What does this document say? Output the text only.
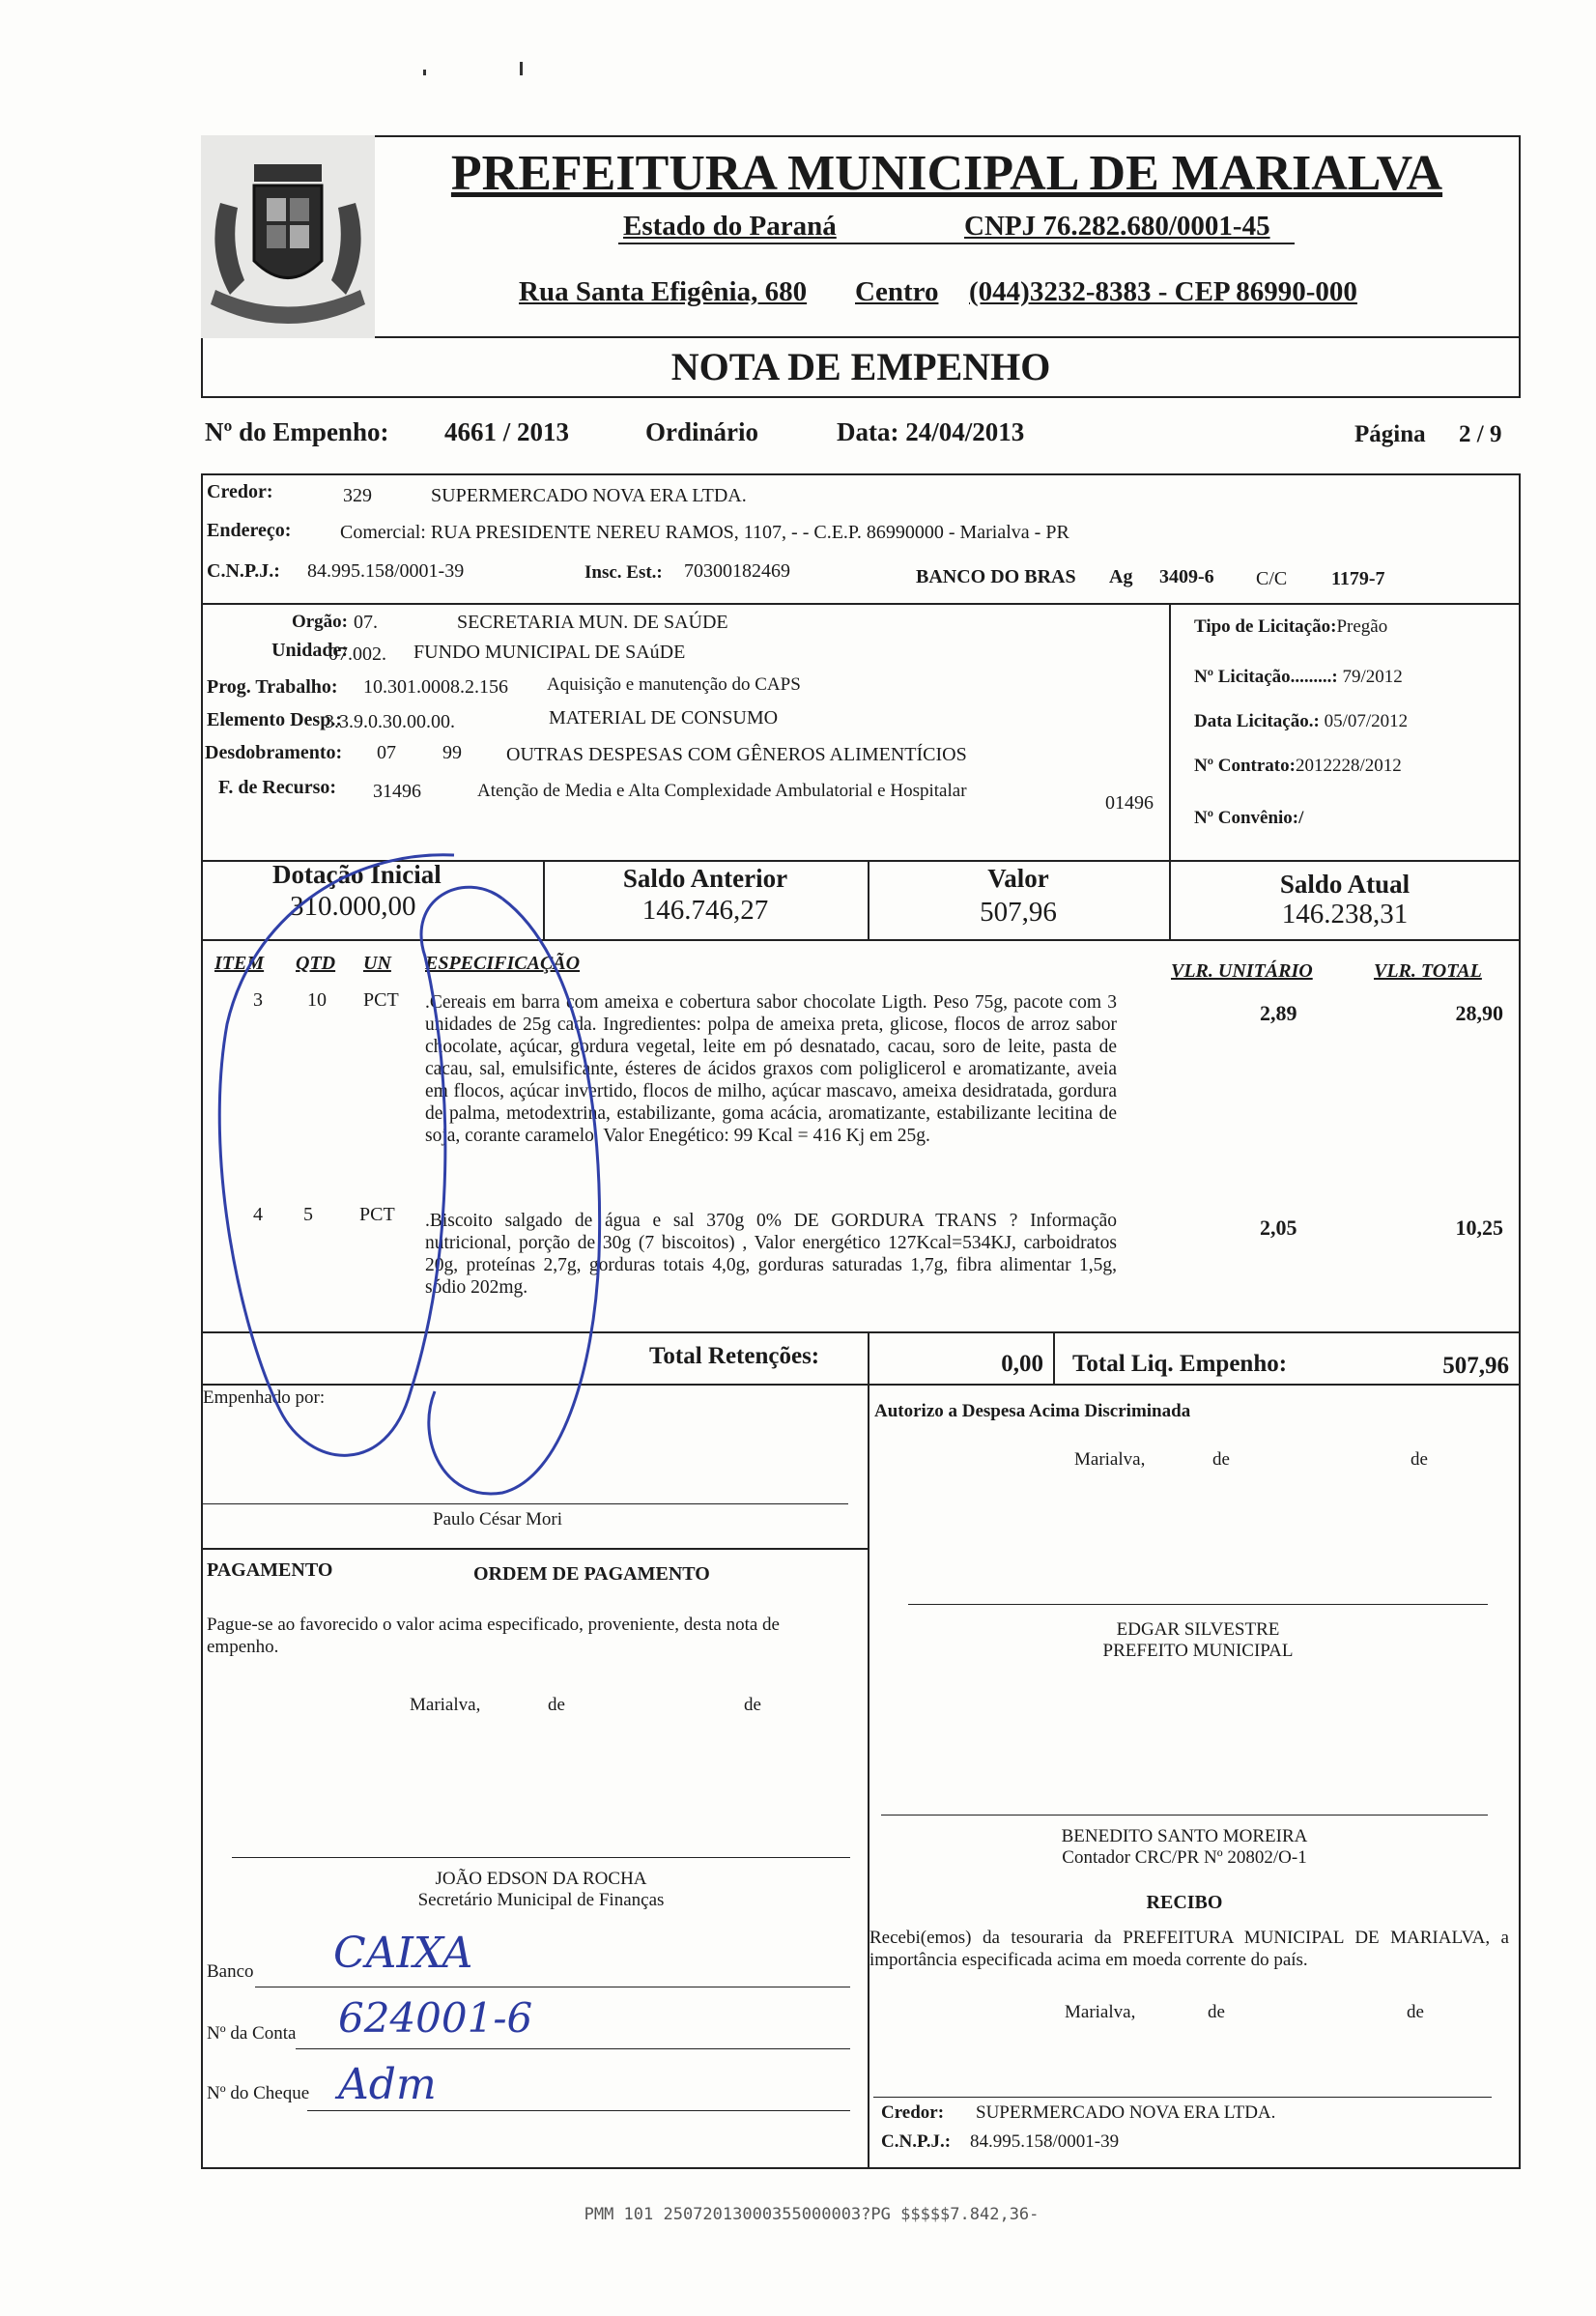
PREFEITURA MUNICIPAL DE MARIALVA
Estado do Paraná	CNPJ 76.282.680/0001-45
Rua Santa Efigênia, 680 Centro (044)3232-8383 - CEP 86990-000
NOTA DE EMPENHO
Nº do Empenho: 4661 / 2013	Ordinário	Data: 24/04/2013	Página 2 / 9
Credor:	329	SUPERMERCADO NOVA ERA LTDA.
Endereço:	Comercial: RUA PRESIDENTE NEREU RAMOS, 1107, - - C.E.P. 86990000 - Marialva - PR
C.N.P.J.: 84.995.158/0001-39	Insc. Est.: 70300182469	BANCO DO BRAS Ag 3409-6 C/C 1179-7
Orgão: 07.	SECRETARIA MUN. DE SAÚDE
Unidade:
07.002. FUNDO MUNICIPAL DE SAúDE
Prog. Trabalho: 10.301.0008.2.156 Aquisição e manutenção do CAPS
Elemento Desp.:
3.3.9.0.30.00.00.	MATERIAL DE CONSUMO
Desdobramento: 07 99 OUTRAS DESPESAS COM GÊNEROS ALIMENTÍCIOS
F. de Recurso: 31496	Atenção de Media e Alta Complexidade Ambulatorial e Hospitalar
01496
Tipo de Licitação:Pregão
Nº Licitação.........: 79/2012
Data Licitação.: 05/07/2012
Nº Contrato:2012228/2012
Nº Convênio:/
Dotação Inicial
310.000,00
Saldo Anterior
146.746,27
Valor
507,96
Saldo Atual
146.238,31
ITEM QTD UN ESPECIFICAÇÃO	VLR. UNITÁRIO	VLR. TOTAL
3 10 PCT .Cereais em barra com ameixa e cobertura sabor chocolate Ligth. Peso 75g, pacote com 3 unidades de 25g cada. Ingredientes: polpa de ameixa preta, glicose, flocos de arroz sabor chocolate, açúcar, gordura vegetal, leite em pó desnatado, cacau, soro de leite, pasta de cacau, sal, emulsificante, ésteres de ácidos graxos com poliglicerol e aromatizante, aveia em flocos, açúcar invertido, flocos de milho, açúcar mascavo, ameixa desidratada, gordura de palma, metodextrina, estabilizante, goma acácia, aromatizante, estabilizante lecitina de soja, corante caramelo. Valor Enegético: 99 Kcal = 416 Kj em 25g.
2,89	28,90
4 5 PCT .Biscoito salgado de água e sal 370g 0% DE GORDURA TRANS ? Informação nutricional, porção de 30g (7 biscoitos) , Valor energético 127Kcal=534KJ, carboidratos 20g, proteínas 2,7g, gorduras totais 4,0g, gorduras saturadas 1,7g, fibra alimentar 1,5g, sódio 202mg.
2,05	10,25
Total Retenções:	0,00 Total Liq. Empenho:	507,96
Empenhado por:
Paulo César Mori
Autorizo a Despesa Acima Discriminada
Marialva,	de	de
PAGAMENTO	ORDEM DE PAGAMENTO
Pague-se ao favorecido o valor acima especificado, proveniente, desta nota de empenho.
Marialva,	de	de
EDGAR SILVESTRE
PREFEITO MUNICIPAL
BENEDITO SANTO MOREIRA
Contador CRC/PR Nº 20802/O-1
RECIBO
Recebi(emos) da tesouraria da PREFEITURA MUNICIPAL DE MARIALVA, a importância especificada acima em moeda corrente do país.
Marialva,	de	de
JOÃO EDSON DA ROCHA
Secretário Municipal de Finanças
Banco CAIXA
Nº da Conta 624001-6
Nº do Cheque Adm
Credor: SUPERMERCADO NOVA ERA LTDA.
C.N.P.J.: 84.995.158/0001-39
PMM 101 25072013000355000003?PG $$$$$7.842,36-
